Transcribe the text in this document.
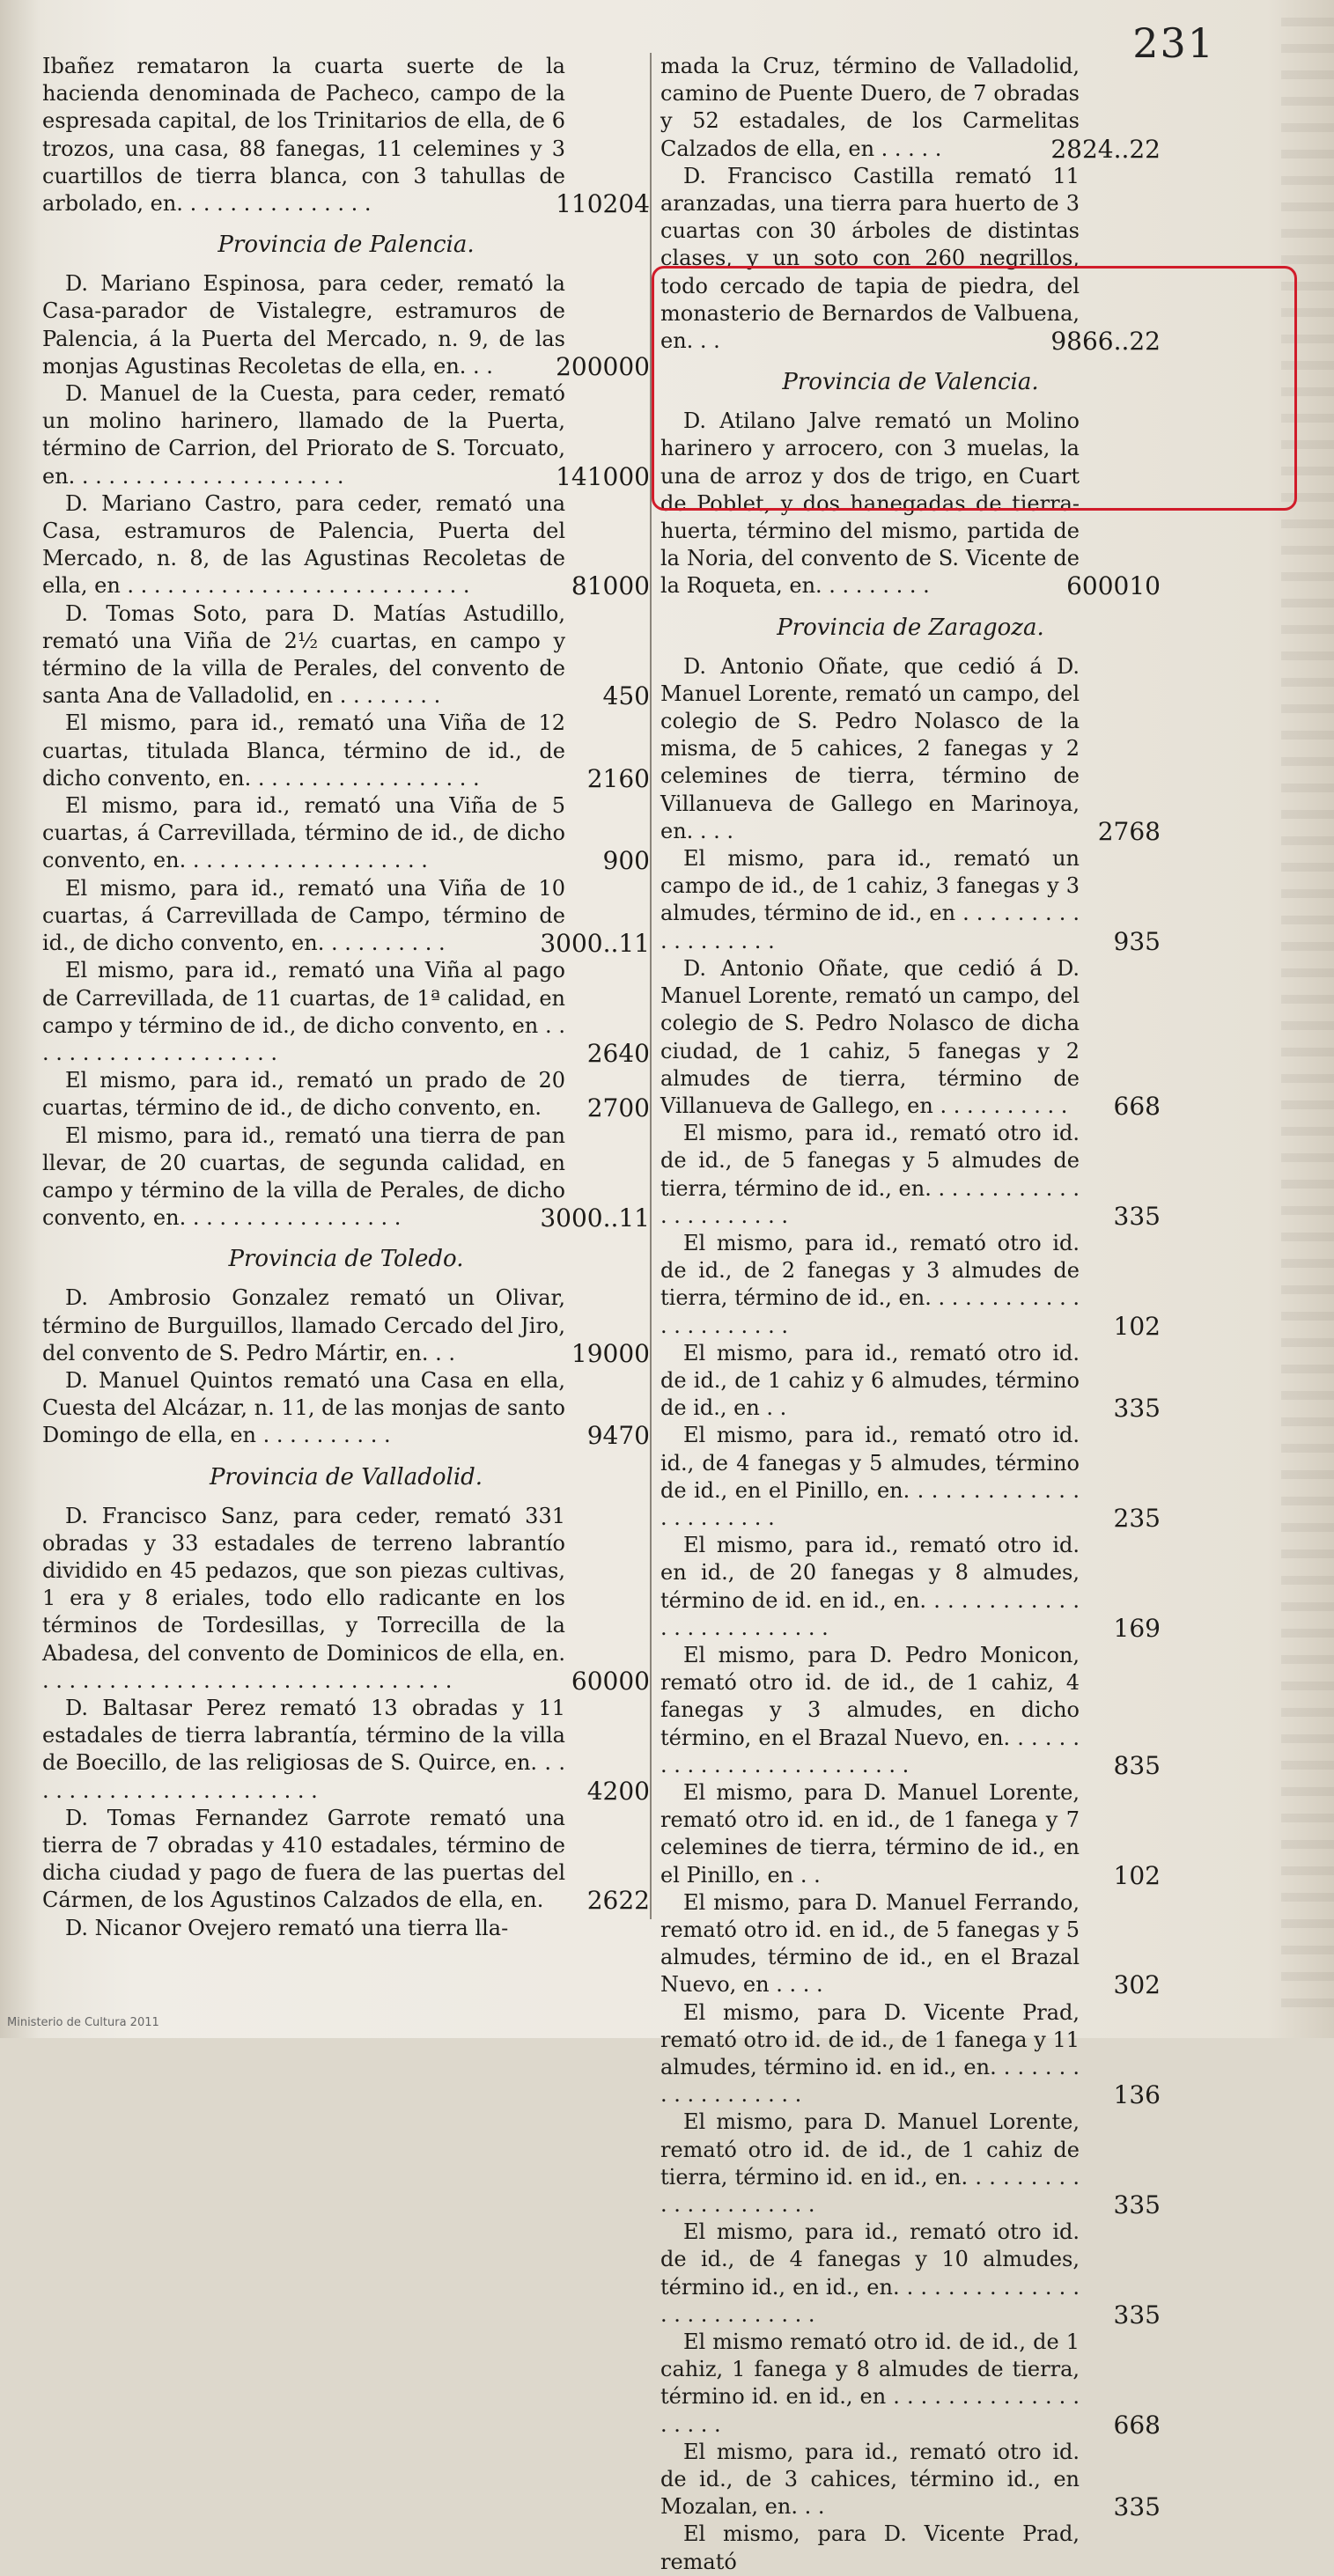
231

Ibañez remataron la cuarta suerte de la hacienda denominada de Pacheco, campo de la espresada capital, de los Trinitarios de ella, de 6 trozos, una casa, 88 fanegas, 11 celemines y 3 cuartillos de tierra blanca, con 3 tahullas de arbolado, en. . . . . . . . . . . . . . .	110204
Provincia de Palencia.

D. Mariano Espinosa, para ceder, remató la Casa-parador de Vistalegre, estramuros de Palencia, á la Puerta del Mercado, n. 9, de las monjas Agustinas Recoletas de ella, en. . .	200000

D. Manuel de la Cuesta, para ceder, remató un molino harinero, llamado de la Puerta, término de Carrion, del Priorato de S. Torcuato, en. . . . . . . . . . . . . . . . . . . . .	141000

D. Mariano Castro, para ceder, remató una Casa, estramuros de Palencia, Puerta del Mercado, n. 8, de las Agustinas Recoletas de ella, en . . . . . . . . . . . . . . . . . . . . . . . . . .	81000

D. Tomas Soto, para D. Matías Astudillo, remató una Viña de 2½ cuartas, en campo y término de la villa de Perales, del convento de santa Ana de Valladolid, en . . . . . . . .	450

El mismo, para id., remató una Viña de 12 cuartas, titulada Blanca, término de id., de dicho convento, en. . . . . . . . . . . . . . . . . .	2160

El mismo, para id., remató una Viña de 5 cuartas, á Carrevillada, término de id., de dicho convento, en. . . . . . . . . . . . . . . . . . .	900

El mismo, para id., remató una Viña de 10 cuartas, á Carrevillada de Campo, término de id., de dicho convento, en. . . . . . . . . .	3000..11

El mismo, para id., remató una Viña al pago de Carrevillada, de 11 cuartas, de 1ª calidad, en campo y término de id., de dicho convento, en . . . . . . . . . . . . . . . . . . . .	2640

El mismo, para id., remató un prado de 20 cuartas, término de id., de dicho convento, en.	2700

El mismo, para id., remató una tierra de pan llevar, de 20 cuartas, de segunda calidad, en campo y término de la villa de Perales, de dicho convento, en. . . . . . . . . . . . . . . . .	3000..11
Provincia de Toledo.

D. Ambrosio Gonzalez remató un Olivar, término de Burguillos, llamado Cercado del Jiro, del convento de S. Pedro Mártir, en. . .	19000

D. Manuel Quintos remató una Casa en ella, Cuesta del Alcázar, n. 11, de las monjas de santo Domingo de ella, en . . . . . . . . . .	9470
Provincia de Valladolid.

D. Francisco Sanz, para ceder, remató 331 obradas y 33 estadales de terreno labrantío dividido en 45 pedazos, que son piezas cultivas, 1 era y 8 eriales, todo ello radicante en los términos de Tordesillas, y Torrecilla de la Abadesa, del convento de Dominicos de ella, en. . . . . . . . . . . . . . . . . . . . . . . . . . . . . . . .	60000

D. Baltasar Perez remató 13 obradas y 11 estadales de tierra labrantía, término de la villa de Boecillo, de las religiosas de S. Quirce, en. . . . . . . . . . . . . . . . . . . . . . . .	4200

D. Tomas Fernandez Garrote remató una tierra de 7 obradas y 410 estadales, término de dicha ciudad y pago de fuera de las puertas del Cármen, de los Agustinos Calzados de ella, en.	2622

D. Nicanor Ovejero remató una tierra lla-

mada la Cruz, término de Valladolid, camino de Puente Duero, de 7 obradas y 52 estadales, de los Carmelitas Calzados de ella, en . . . . .	2824..22

D. Francisco Castilla remató 11 aranzadas, una tierra para huerto de 3 cuartas con 30 árboles de distintas clases, y un soto con 260 negrillos, todo cercado de tapia de piedra, del monasterio de Bernardos de Valbuena, en. . .	9866..22
Provincia de Valencia.

D. Atilano Jalve remató un Molino harinero y arrocero, con 3 muelas, la una de arroz y dos de trigo, en Cuart de Poblet, y dos hanegadas de tierra-huerta, término del mismo, partida de la Noria, del convento de S. Vicente de la Roqueta, en. . . . . . . . .	600010
Provincia de Zaragoza.

D. Antonio Oñate, que cedió á D. Manuel Lorente, remató un campo, del colegio de S. Pedro Nolasco de la misma, de 5 cahices, 2 fanegas y 2 celemines de tierra, término de Villanueva de Gallego en Marinoya, en. . . .	2768

El mismo, para id., remató un campo de id., de 1 cahiz, 3 fanegas y 3 almudes, término de id., en . . . . . . . . . . . . . . . . . .	935

D. Antonio Oñate, que cedió á D. Manuel Lorente, remató un campo, del colegio de S. Pedro Nolasco de dicha ciudad, de 1 cahiz, 5 fanegas y 2 almudes de tierra, término de Villanueva de Gallego, en . . . . . . . . . .	668

El mismo, para id., remató otro id. de id., de 5 fanegas y 5 almudes de tierra, término de id., en. . . . . . . . . . . . . . . . . . . . . .	335

El mismo, para id., remató otro id. de id., de 2 fanegas y 3 almudes de tierra, término de id., en. . . . . . . . . . . . . . . . . . . . . .	102

El mismo, para id., remató otro id. de id., de 1 cahiz y 6 almudes, término de id., en . .	335

El mismo, para id., remató otro id. id., de 4 fanegas y 5 almudes, término de id., en el Pinillo, en. . . . . . . . . . . . . . . . . . . . . .	235

El mismo, para id., remató otro id. en id., de 20 fanegas y 8 almudes, término de id. en id., en. . . . . . . . . . . . . . . . . . . . . . . . .	169

El mismo, para D. Pedro Monicon, remató otro id. de id., de 1 cahiz, 4 fanegas y 3 almudes, en dicho término, en el Brazal Nuevo, en. . . . . . . . . . . . . . . . . . . . . . . . .	835

El mismo, para D. Manuel Lorente, remató otro id. en id., de 1 fanega y 7 celemines de tierra, término de id., en el Pinillo, en . .	102

El mismo, para D. Manuel Ferrando, remató otro id. en id., de 5 fanegas y 5 almudes, término de id., en el Brazal Nuevo, en . . . .	302

El mismo, para D. Vicente Prad, remató otro id. de id., de 1 fanega y 11 almudes, término id. en id., en. . . . . . . . . . . . . . . . . .	136

El mismo, para D. Manuel Lorente, remató otro id. de id., de 1 cahiz de tierra, término id. en id., en. . . . . . . . . . . . . . . . . . . . .	335

El mismo, para id., remató otro id. de id., de 4 fanegas y 10 almudes, término id., en id., en. . . . . . . . . . . . . . . . . . . . . . . . . .	335

El mismo remató otro id. de id., de 1 cahiz, 1 fanega y 8 almudes de tierra, término id. en id., en . . . . . . . . . . . . . . . . . . .	668

El mismo, para id., remató otro id. de id., de 3 cahices, término id., en Mozalan, en. . .	335

El mismo, para D. Vicente Prad, remató

Ministerio de Cultura 2011
